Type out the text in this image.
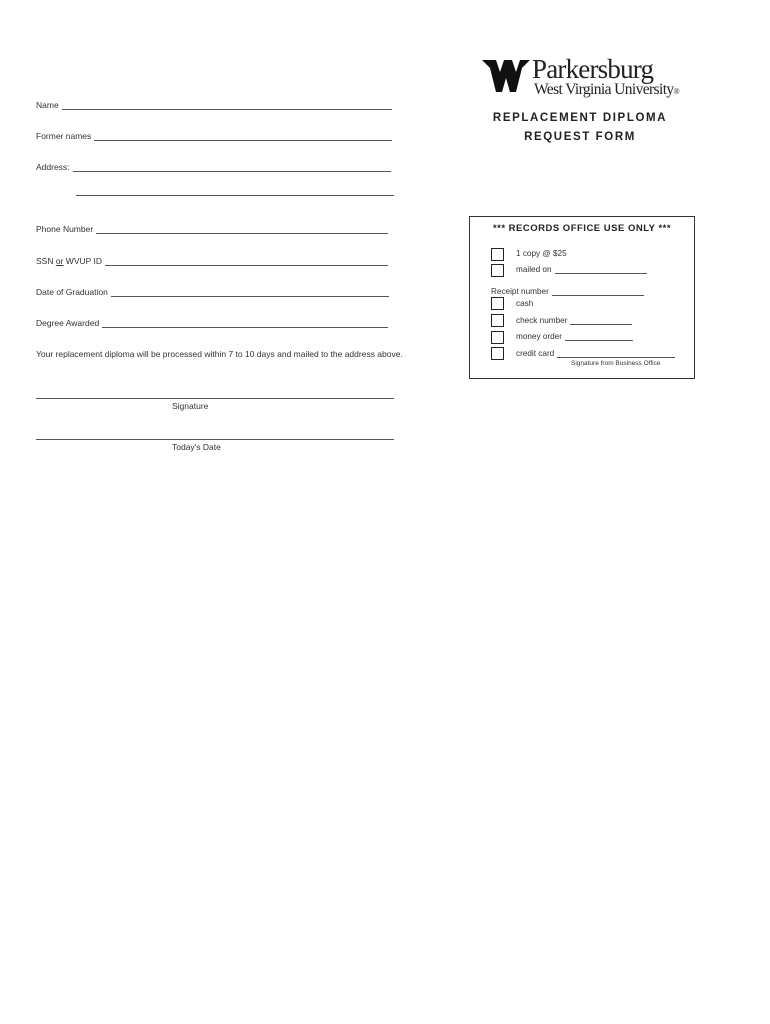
Parkersburg
West Virginia University®
REPLACEMENT DIPLOMA
REQUEST FORM
Name
Former names
Address:
Phone Number
SSN
or
WVUP ID
Date of Graduation
Degree Awarded
Your replacement diploma will be processed within 7 to 10 days and mailed to the address above.
Signature
Today's Date
*** RECORDS OFFICE USE ONLY ***
1 copy @ $25
mailed on
Receipt number
cash
check number
money order
credit card
Signature from Business Office
